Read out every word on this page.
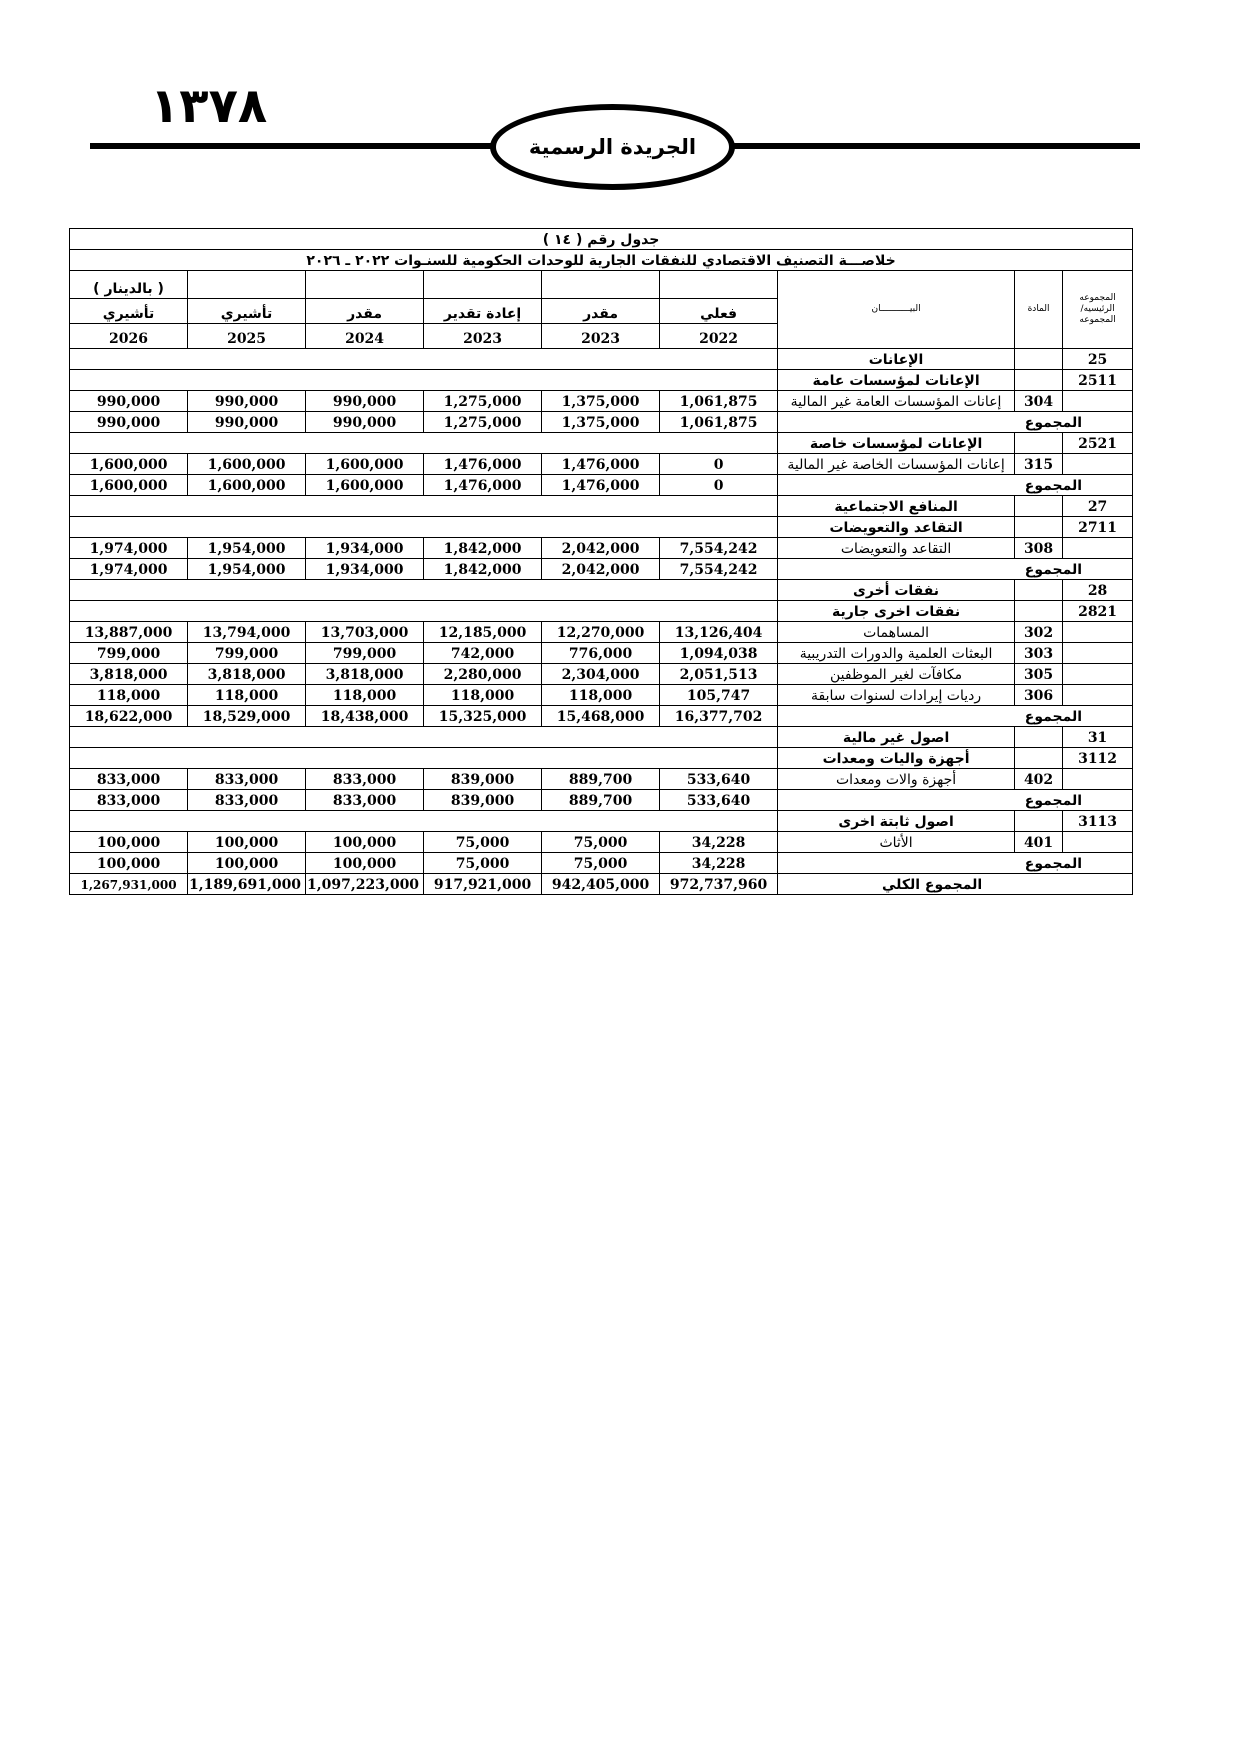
١٣٧٨
الجريدة الرسمية
جدول رقم ( ١٤ )								
خلاصـــة التصنيف الاقتصادي للنفقات الجارية للوحدات الحكومية للسنـوات ٢٠٢٢ ـ ٢٠٢٦								
المجموعه الرئيسيه/ المجموعه	المادة	البيـــــــــــان						( بالدينار )
			فعلي	مقدر	إعادة تقدير	مقدر	تأشيري	تأشيري
			2022	2023	2023	2024	2025	2026
25		الإعانات						
2511		الإعانات لمؤسسات عامة						
	304	إعانات المؤسسات العامة غير المالية	1,061,875	1,375,000	1,275,000	990,000	990,000	990,000
المجموع			1,061,875	1,375,000	1,275,000	990,000	990,000	990,000
2521		الإعانات لمؤسسات خاصة						
	315	إعانات المؤسسات الخاصة غير المالية	0	1,476,000	1,476,000	1,600,000	1,600,000	1,600,000
المجموع			0	1,476,000	1,476,000	1,600,000	1,600,000	1,600,000
27		المنافع الاجتماعية						
2711		التقاعد والتعويضات						
	308	التقاعد والتعويضات	7,554,242	2,042,000	1,842,000	1,934,000	1,954,000	1,974,000
المجموع			7,554,242	2,042,000	1,842,000	1,934,000	1,954,000	1,974,000
28		نفقات أخرى						
2821		نفقات اخرى جارية						
	302	المساهمات	13,126,404	12,270,000	12,185,000	13,703,000	13,794,000	13,887,000
	303	البعثات العلمية والدورات التدريبية	1,094,038	776,000	742,000	799,000	799,000	799,000
	305	مكافآت لغير الموظفين	2,051,513	2,304,000	2,280,000	3,818,000	3,818,000	3,818,000
	306	رديات إيرادات لسنوات سابقة	105,747	118,000	118,000	118,000	118,000	118,000
المجموع			16,377,702	15,468,000	15,325,000	18,438,000	18,529,000	18,622,000
31		اصول غير مالية						
3112		أجهزة واليات ومعدات						
	402	أجهزة والات ومعدات	533,640	889,700	839,000	833,000	833,000	833,000
المجموع			533,640	889,700	839,000	833,000	833,000	833,000
3113		اصول ثابتة اخرى						
	401	الأثاث	34,228	75,000	75,000	100,000	100,000	100,000
المجموع			34,228	75,000	75,000	100,000	100,000	100,000
المجموع الكلي			972,737,960	942,405,000	917,921,000	1,097,223,000	1,189,691,000	1,267,931,000
